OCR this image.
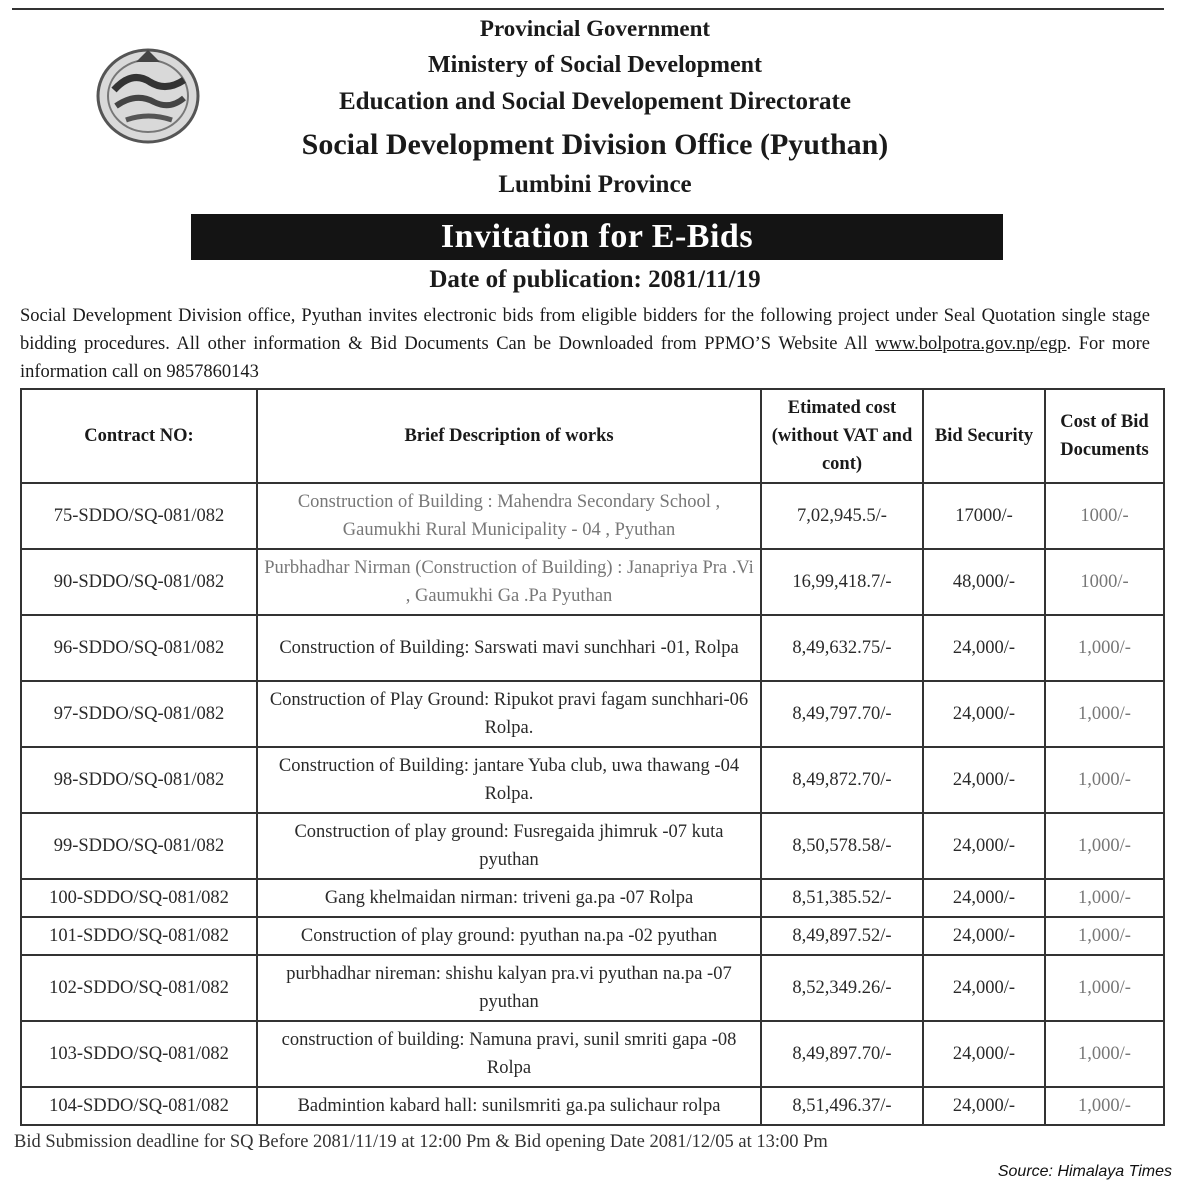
Provincial Government
Ministery of Social Development
Education and Social Developement Directorate
Social Development Division Office (Pyuthan)
Lumbini Province
Invitation for E-Bids
Date of publication: 2081/11/19
Social Development Division office, Pyuthan invites electronic bids from eligible bidders for the following project under Seal Quotation single stage bidding procedures. All other information & Bid Documents Can be Downloaded from PPMO’S Website All www.bolpotra.gov.np/egp. For more information call on 9857860143
Contract NO:	Brief Description of works	Etimated cost (without VAT and cont)	Bid Security	Cost of Bid Documents
75-SDDO/SQ-081/082	Construction of Building : Mahendra Secondary School , Gaumukhi Rural Municipality - 04 , Pyuthan	7,02,945.5/-	17000/-	1000/-
90-SDDO/SQ-081/082	Purbhadhar Nirman (Construction of Building) : Janapriya Pra .Vi , Gaumukhi Ga .Pa Pyuthan	16,99,418.7/-	48,000/-	1000/-
96-SDDO/SQ-081/082	Construction of Building: Sarswati mavi sunchhari -01, Rolpa	8,49,632.75/-	24,000/-	1,000/-
97-SDDO/SQ-081/082	Construction of Play Ground: Ripukot pravi fagam sunchhari-06 Rolpa.	8,49,797.70/-	24,000/-	1,000/-
98-SDDO/SQ-081/082	Construction of Building: jantare Yuba club, uwa thawang -04 Rolpa.	8,49,872.70/-	24,000/-	1,000/-
99-SDDO/SQ-081/082	Construction of play ground: Fusregaida jhimruk -07 kuta pyuthan	8,50,578.58/-	24,000/-	1,000/-
100-SDDO/SQ-081/082	Gang khelmaidan nirman: triveni ga.pa -07 Rolpa	8,51,385.52/-	24,000/-	1,000/-
101-SDDO/SQ-081/082	Construction of play ground: pyuthan na.pa -02 pyuthan	8,49,897.52/-	24,000/-	1,000/-
102-SDDO/SQ-081/082	purbhadhar nireman: shishu kalyan pra.vi pyuthan na.pa -07 pyuthan	8,52,349.26/-	24,000/-	1,000/-
103-SDDO/SQ-081/082	construction of building: Namuna pravi, sunil smriti gapa -08 Rolpa	8,49,897.70/-	24,000/-	1,000/-
104-SDDO/SQ-081/082	Badmintion kabard hall: sunilsmriti ga.pa sulichaur rolpa	8,51,496.37/-	24,000/-	1,000/-
Bid Submission deadline for SQ Before 2081/11/19 at 12:00 Pm & Bid opening Date 2081/12/05 at 13:00 Pm
Source: Himalaya Times
